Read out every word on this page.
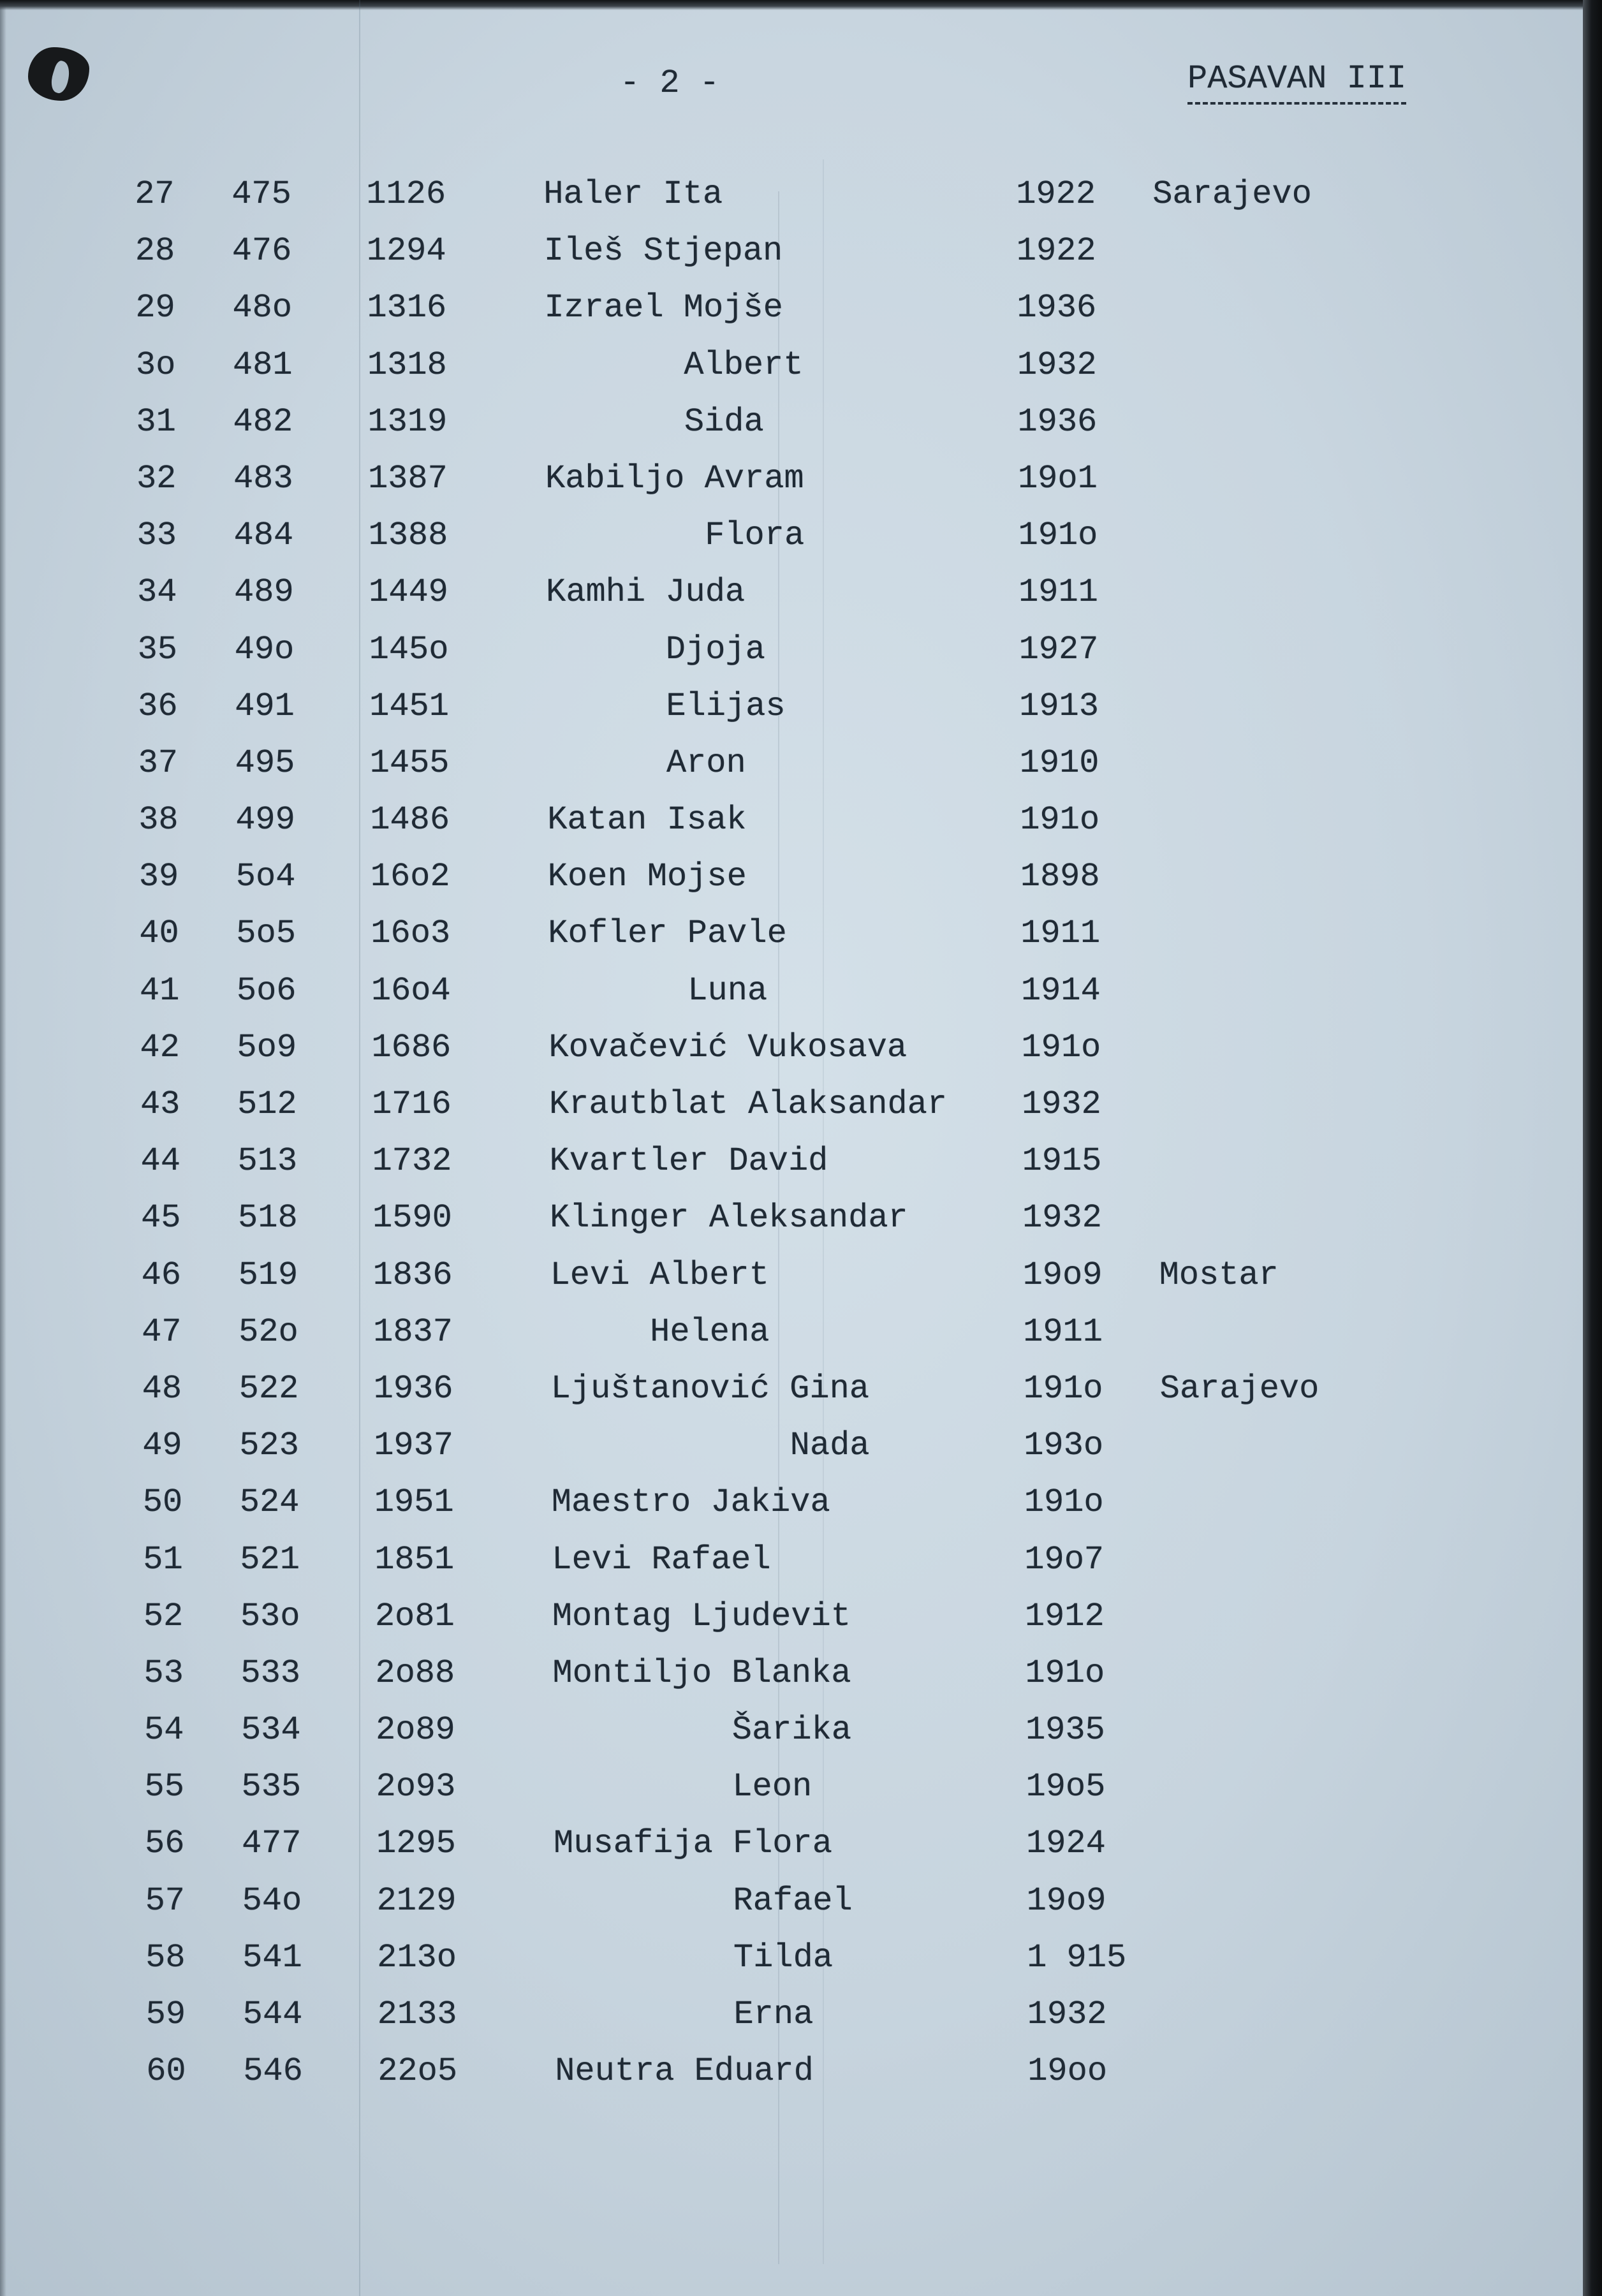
- 2 -	PASAVAN III
27 475 1126	Haler Ita	1922 Sarajevo
28 476 1294	Ileš Stjepan	1922
29 48o 1316	Izrael Mojše	1936
3o 481 1318	Albert	1932
31 482 1319	Sida	1936
32 483 1387	Kabiljo Avram	19o1
33 484 1388	Flora	191o
34 489 1449	Kamhi Juda	1911
35 49o 145o	Djoja	1927
36 491 1451	Elijas	1913
37 495 1455	Aron	1910
38 499 1486	Katan Isak	191o
39 5o4 16o2	Koen Mojse	1898
40 5o5 16o3	Kofler Pavle	1911
41 5o6 16o4	Luna	1914
42 5o9 1686	Kovačević Vukosava	191o
43 512 1716	Krautblat Alaksandar 1932
44 513 1732	Kvartler David	1915
45 518 1590	Klinger Aleksandar	1932
46 519 1836	Levi Albert	19o9 Mostar
47 52o 1837	Helena	1911
48 522 1936	Ljuštanović Gina	191o Sarajevo
49 523 1937	Nada	193o
50 524 1951	Maestro Jakiva	191o
51 521 1851	Levi Rafael	19o7
52 53o 2o81	Montag Ljudevit	1912
53 533 2o88	Montiljo Blanka	191o
54 534 2o89	Šarika	1935
55 535 2o93	Leon	19o5
56 477 1295	Musafija Flora	1924
57 54o 2129	Rafael	19o9
58 541 213o	Tilda	1 915
59 544 2133	Erna	1932
60 546 22o5	Neutra Eduard	19oo
